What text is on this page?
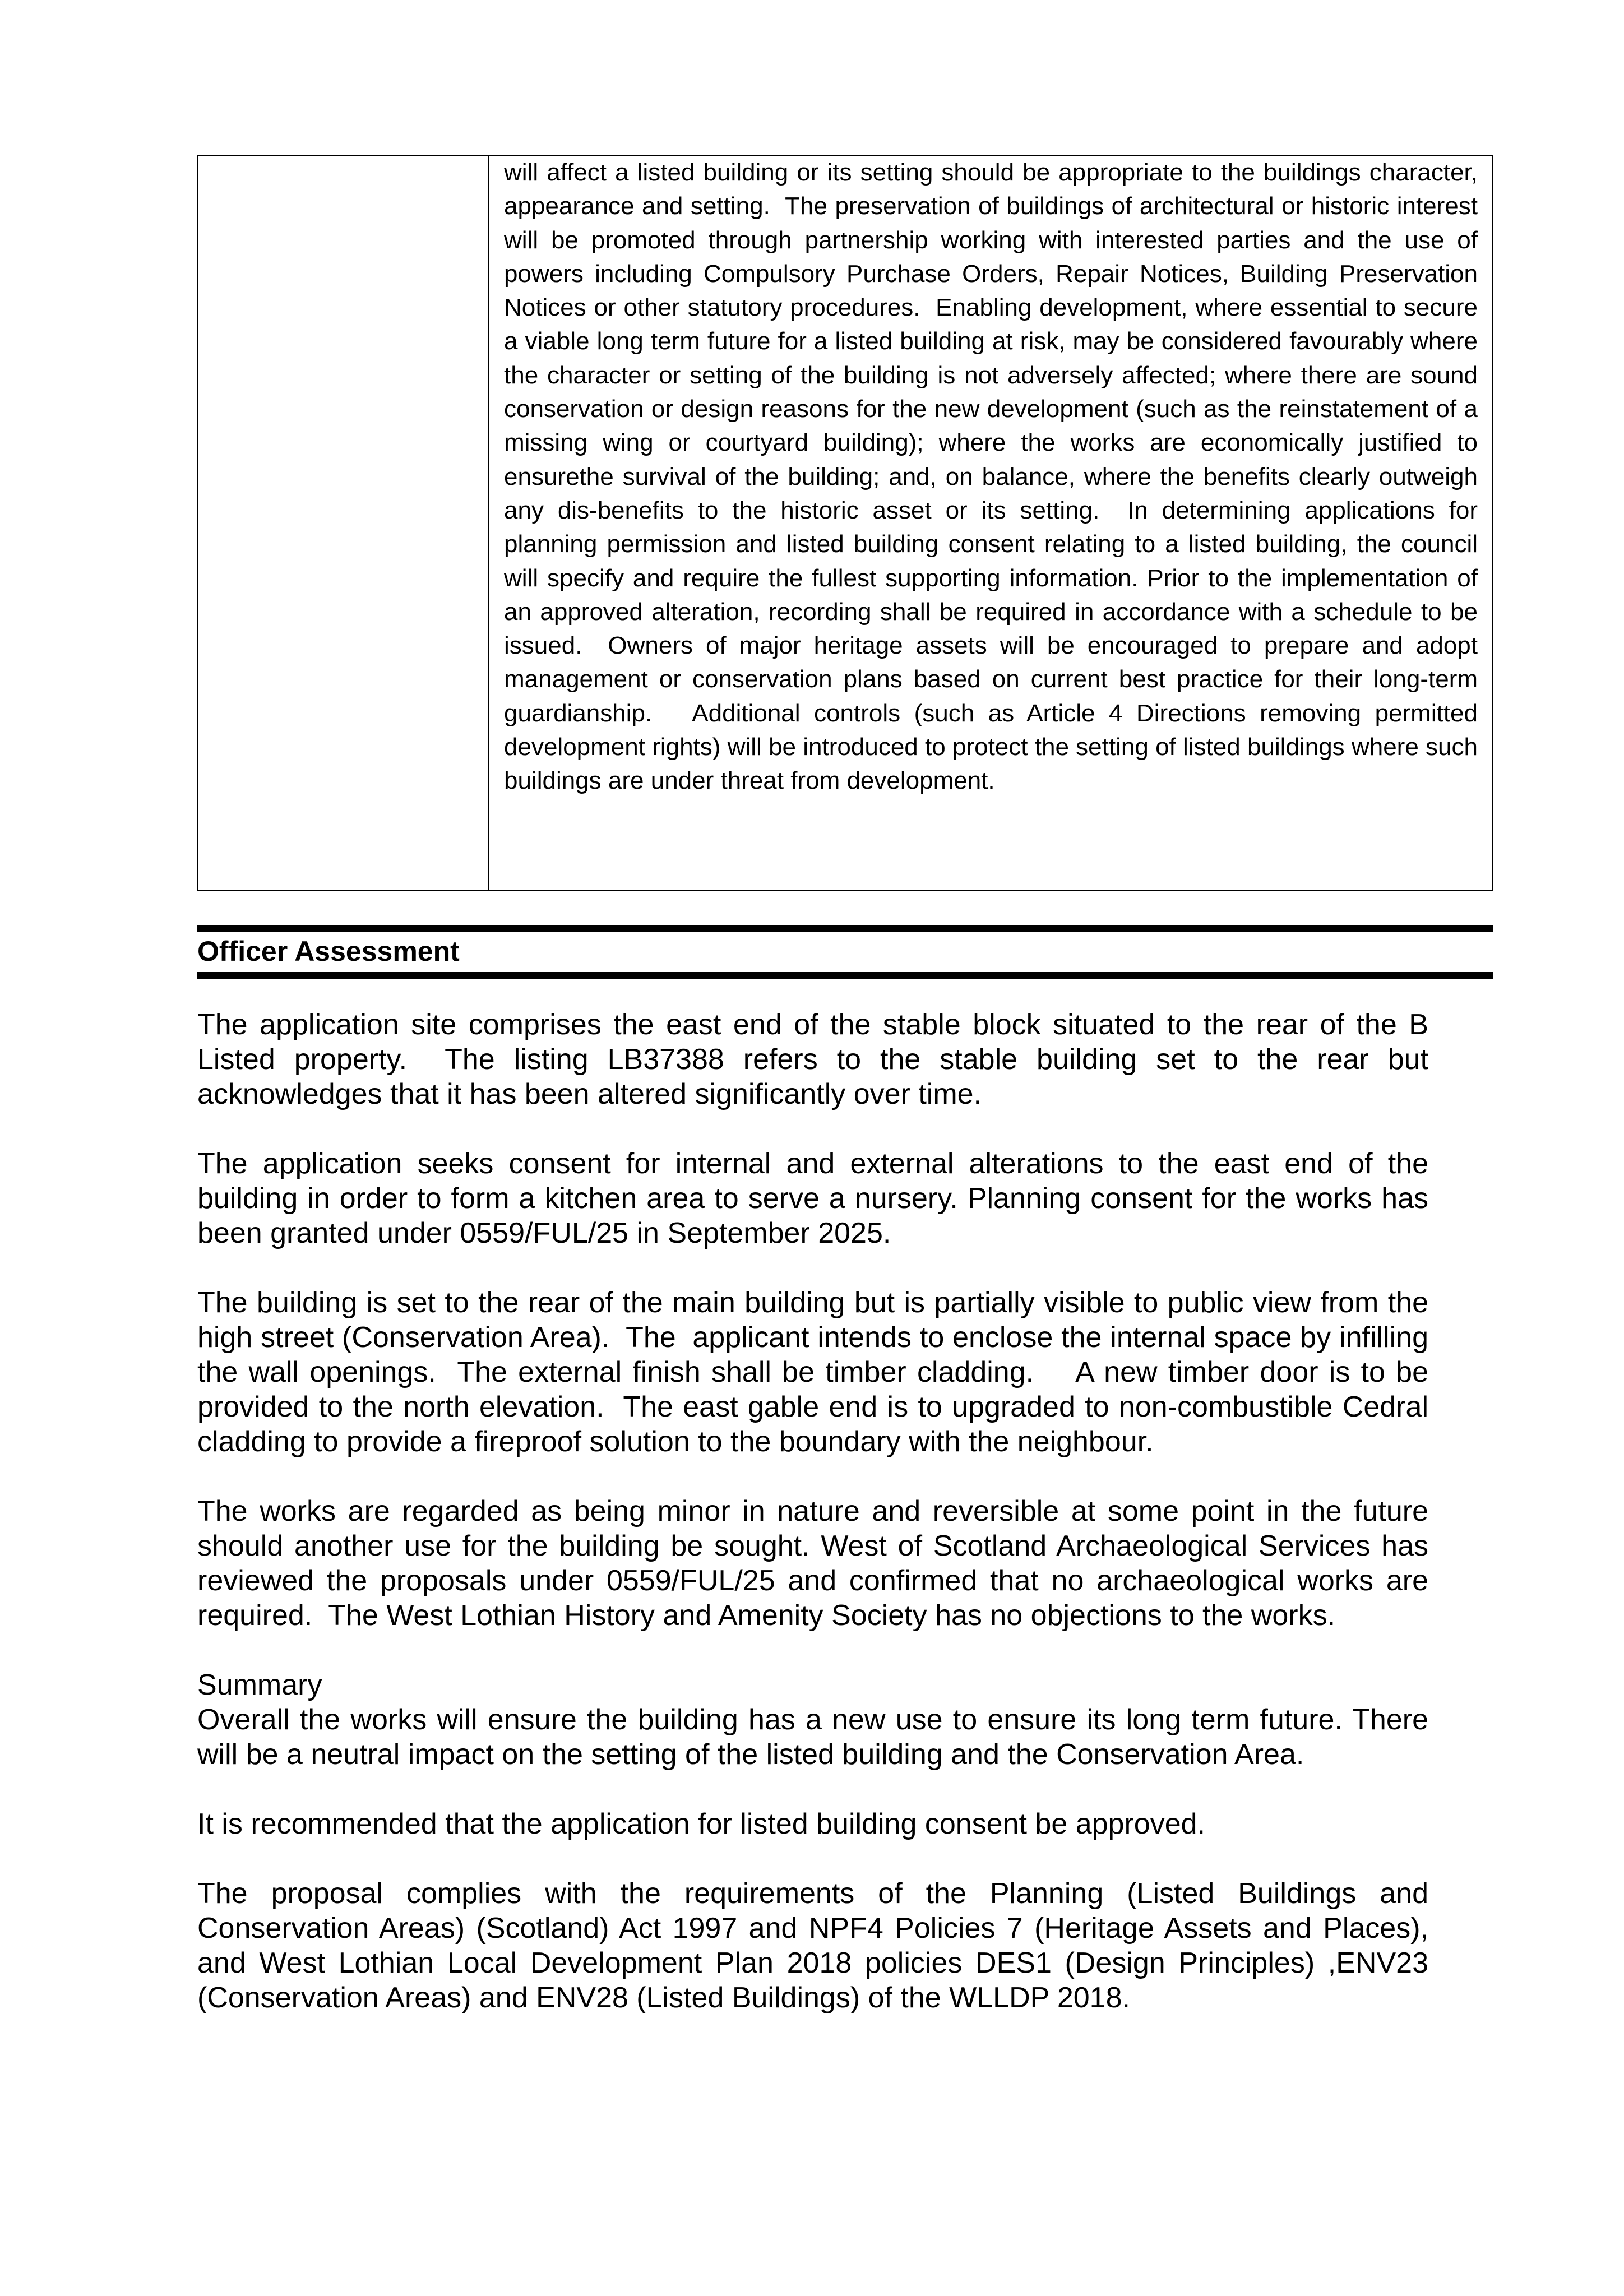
will affect a listed building or its setting should be appropriate to the buildings character, appearance and setting.  The preservation of buildings of architectural or historic interest will be promoted through partnership working with interested parties and the use of powers including Compulsory Purchase Orders, Repair Notices, Building Preservation Notices or other statutory procedures.  Enabling development, where essential to secure a viable long term future for a listed building at risk, may be considered favourably where the character or setting of the building is not adversely affected; where there are sound conservation or design reasons for the new development (such as the reinstatement of a missing wing or courtyard building); where the works are economically justified to ensurethe survival of the building; and, on balance, where the benefits clearly outweigh any dis-benefits to the historic asset or its setting.  In determining applications for planning permission and listed building consent relating to a listed building, the council will specify and require the fullest supporting information. Prior to the implementation of an approved alteration, recording shall be required in accordance with a schedule to be issued.  Owners of major heritage assets will be encouraged to prepare and adopt management or conservation plans based on current best practice for their long-term guardianship.   Additional controls (such as Article 4 Directions removing permitted development rights) will be introduced to protect the setting of listed buildings where such buildings are under threat from development.

Officer Assessment

The application site comprises the east end of the stable block situated to the rear of the B Listed property.  The listing LB37388 refers to the stable building set to the rear but acknowledges that it has been altered significantly over time.

The application seeks consent for internal and external alterations to the east end of the building in order to form a kitchen area to serve a nursery. Planning consent for the works has been granted under 0559/FUL/25 in September 2025.

The building is set to the rear of the main building but is partially visible to public view from the high street (Conservation Area).  The  applicant intends to enclose the internal space by infilling the wall openings.  The external finish shall be timber cladding.    A new timber door is to be provided to the north elevation.  The east gable end is to upgraded to non-combustible Cedral cladding to provide a fireproof solution to the boundary with the neighbour.

The works are regarded as being minor in nature and reversible at some point in the future should another use for the building be sought. West of Scotland Archaeological Services has reviewed the proposals under 0559/FUL/25 and confirmed that no archaeological works are required.  The West Lothian History and Amenity Society has no objections to the works.

Summary

Overall the works will ensure the building has a new use to ensure its long term future. There will be a neutral impact on the setting of the listed building and the Conservation Area.

It is recommended that the application for listed building consent be approved.

The proposal complies with the requirements of the Planning (Listed Buildings and Conservation Areas) (Scotland) Act 1997 and NPF4 Policies 7 (Heritage Assets and Places), and West Lothian Local Development Plan 2018 policies DES1 (Design Principles) ,ENV23 (Conservation Areas) and ENV28 (Listed Buildings) of the WLLDP 2018.
